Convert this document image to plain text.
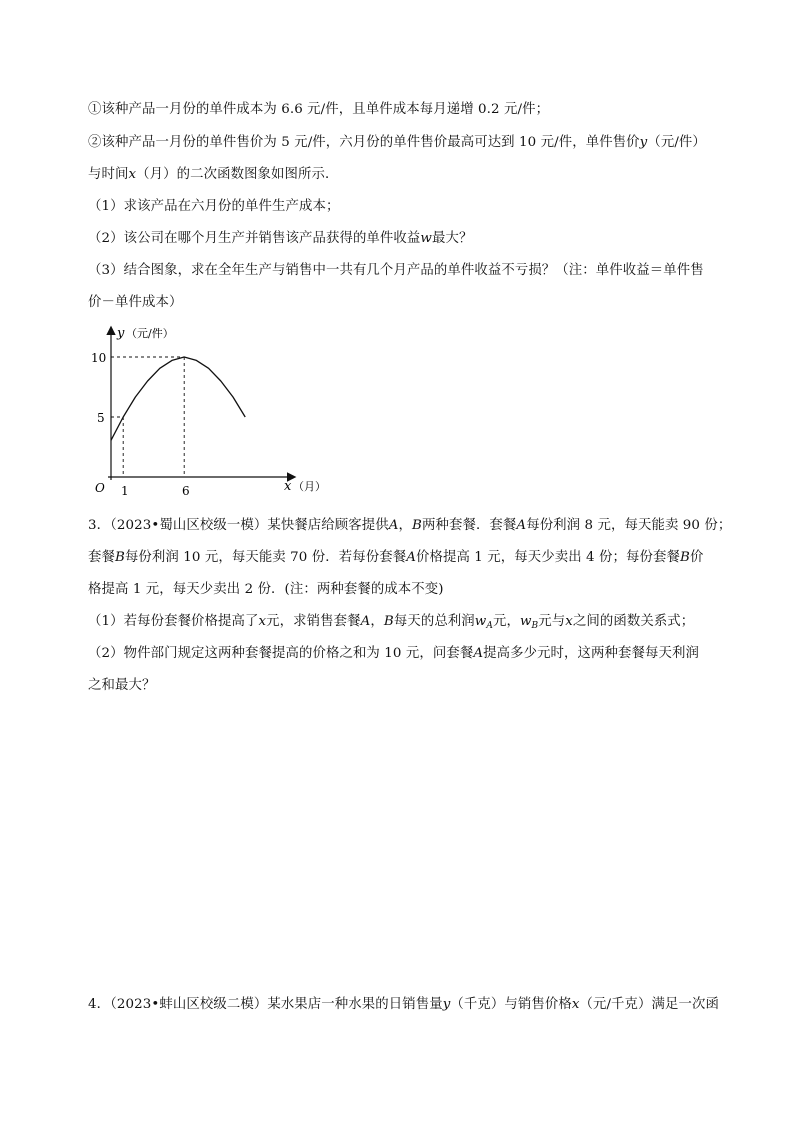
①该种产品一月份的单件成本为 6.6 元/件，且单件成本每月递增 0.2 元/件；
②该种产品一月份的单件售价为 5 元/件，六月份的单件售价最高可达到 10 元/件，单件售价y（元/件）
与时间x（月）的二次函数图象如图所示．
（1）求该产品在六月份的单件生产成本；
（2）该公司在哪个月生产并销售该产品获得的单件收益w最大？
（3）结合图象，求在全年生产与销售中一共有几个月产品的单件收益不亏损？（注：单件收益＝单件售
价－单件成本）
y （元/件）
x （月）
O
10
5
1	6
3．（2023•蜀山区校级一模）某快餐店给顾客提供A，B两种套餐．套餐A每份利润 8 元，每天能卖 90 份；
套餐B每份利润 10 元，每天能卖 70 份．若每份套餐A价格提高 1 元，每天少卖出 4 份；每份套餐B价
格提高 1 元，每天少卖出 2 份．(注：两种套餐的成本不变)
（1）若每份套餐价格提高了x元，求销售套餐A，B每天的总利润$w_A$元，$w_B$元与x之间的函数关系式；
（2）物件部门规定这两种套餐提高的价格之和为 10 元，问套餐A提高多少元时，这两种套餐每天利润
之和最大？
4．（2023•蚌山区校级二模）某水果店一种水果的日销售量y（千克）与销售价格x（元/千克）满足一次函
